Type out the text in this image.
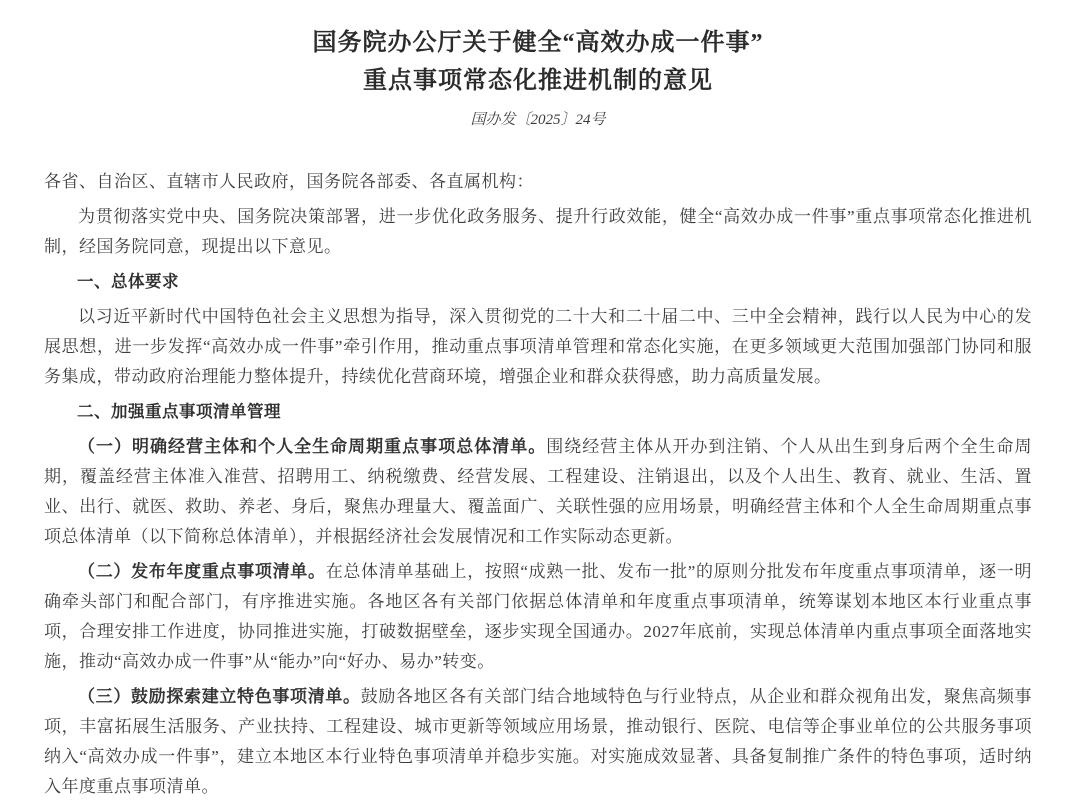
国务院办公厅关于健全“高效办成一件事”
重点事项常态化推进机制的意见
国办发〔2025〕24号

各省、自治区、直辖市人民政府，国务院各部委、各直属机构：

为贯彻落实党中央、国务院决策部署，进一步优化政务服务、提升行政效能，健全“高效办成一件事”重点事项常态化推进机制，经国务院同意，现提出以下意见。

一、总体要求

以习近平新时代中国特色社会主义思想为指导，深入贯彻党的二十大和二十届二中、三中全会精神，践行以人民为中心的发展思想，进一步发挥“高效办成一件事”牵引作用，推动重点事项清单管理和常态化实施，在更多领域更大范围加强部门协同和服务集成，带动政府治理能力整体提升，持续优化营商环境，增强企业和群众获得感，助力高质量发展。

二、加强重点事项清单管理

（一）明确经营主体和个人全生命周期重点事项总体清单。围绕经营主体从开办到注销、个人从出生到身后两个全生命周期，覆盖经营主体准入准营、招聘用工、纳税缴费、经营发展、工程建设、注销退出，以及个人出生、教育、就业、生活、置业、出行、就医、救助、养老、身后，聚焦办理量大、覆盖面广、关联性强的应用场景，明确经营主体和个人全生命周期重点事项总体清单（以下简称总体清单），并根据经济社会发展情况和工作实际动态更新。

（二）发布年度重点事项清单。在总体清单基础上，按照“成熟一批、发布一批”的原则分批发布年度重点事项清单，逐一明确牵头部门和配合部门，有序推进实施。各地区各有关部门依据总体清单和年度重点事项清单，统筹谋划本地区本行业重点事项，合理安排工作进度，协同推进实施，打破数据壁垒，逐步实现全国通办。2027年底前，实现总体清单内重点事项全面落地实施，推动“高效办成一件事”从“能办”向“好办、易办”转变。

（三）鼓励探索建立特色事项清单。鼓励各地区各有关部门结合地域特色与行业特点，从企业和群众视角出发，聚焦高频事项，丰富拓展生活服务、产业扶持、工程建设、城市更新等领域应用场景，推动银行、医院、电信等企事业单位的公共服务事项纳入“高效办成一件事”，建立本地区本行业特色事项清单并稳步实施。对实施成效显著、具备复制推广条件的特色事项，适时纳入年度重点事项清单。
